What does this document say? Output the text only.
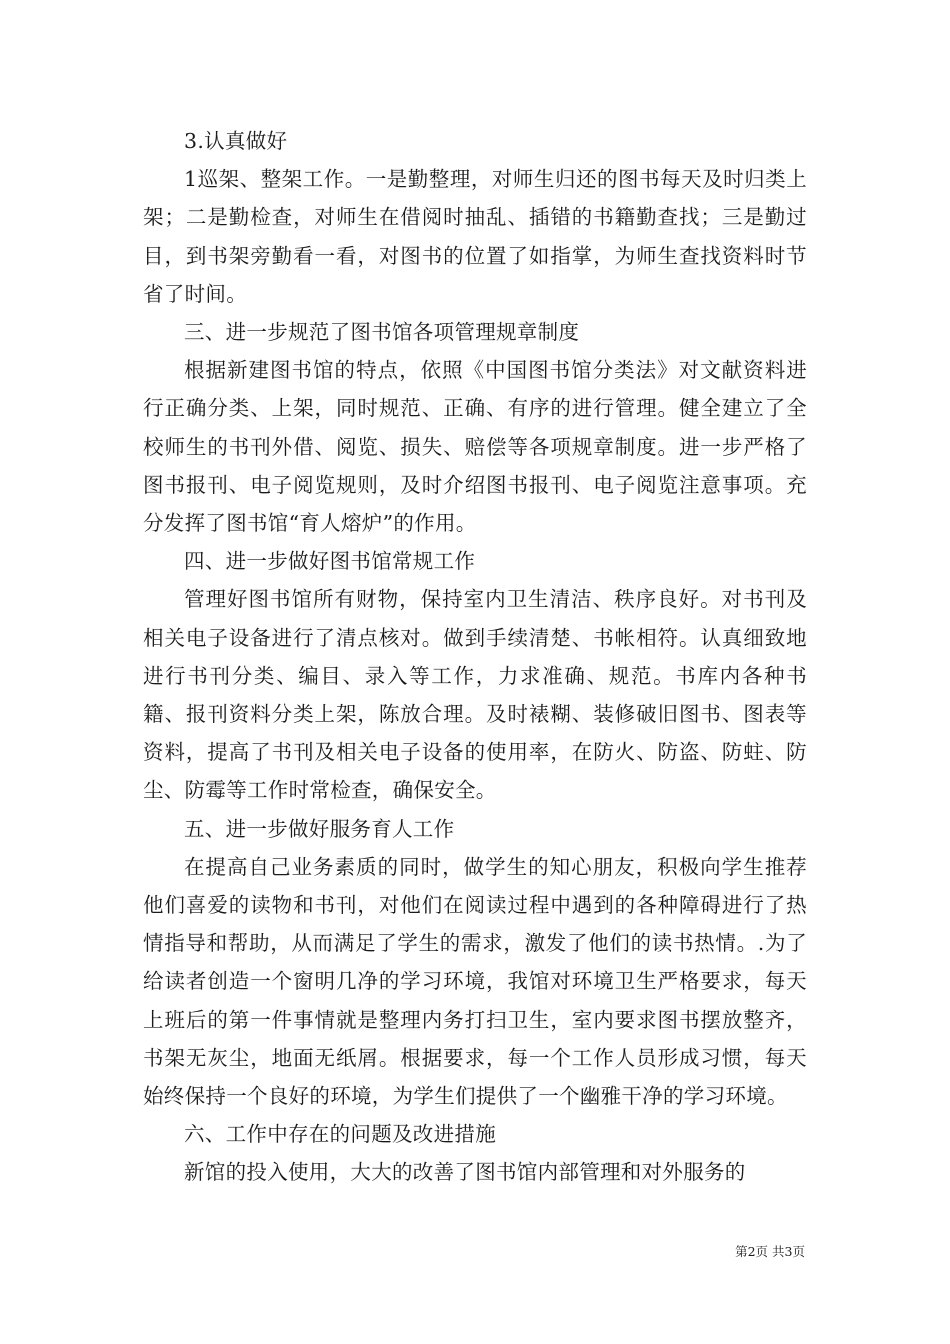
3.认真做好

1巡架、整架工作。一是勤整理，对师生归还的图书每天及时归类上架；二是勤检查，对师生在借阅时抽乱、插错的书籍勤查找；三是勤过目，到书架旁勤看一看，对图书的位置了如指掌，为师生查找资料时节省了时间。

三、进一步规范了图书馆各项管理规章制度

根据新建图书馆的特点，依照《中国图书馆分类法》对文献资料进行正确分类、上架，同时规范、正确、有序的进行管理。健全建立了全校师生的书刊外借、阅览、损失、赔偿等各项规章制度。进一步严格了图书报刊、电子阅览规则，及时介绍图书报刊、电子阅览注意事项。充分发挥了图书馆“育人熔炉”的作用。

四、进一步做好图书馆常规工作

管理好图书馆所有财物，保持室内卫生清洁、秩序良好。对书刊及相关电子设备进行了清点核对。做到手续清楚、书帐相符。认真细致地进行书刊分类、编目、录入等工作，力求准确、规范。书库内各种书籍、报刊资料分类上架，陈放合理。及时裱糊、装修破旧图书、图表等资料，提高了书刊及相关电子设备的使用率，在防火、防盗、防蛀、防尘、防霉等工作时常检查，确保安全。

五、进一步做好服务育人工作

在提高自己业务素质的同时，做学生的知心朋友，积极向学生推荐他们喜爱的读物和书刊，对他们在阅读过程中遇到的各种障碍进行了热情指导和帮助，从而满足了学生的需求，激发了他们的读书热情。.为了给读者创造一个窗明几净的学习环境，我馆对环境卫生严格要求，每天上班后的第一件事情就是整理内务打扫卫生，室内要求图书摆放整齐，书架无灰尘，地面无纸屑。根据要求，每一个工作人员形成习惯，每天始终保持一个良好的环境，为学生们提供了一个幽雅干净的学习环境。

六、工作中存在的问题及改进措施

新馆的投入使用，大大的改善了图书馆内部管理和对外服务的

第2页 共3页
